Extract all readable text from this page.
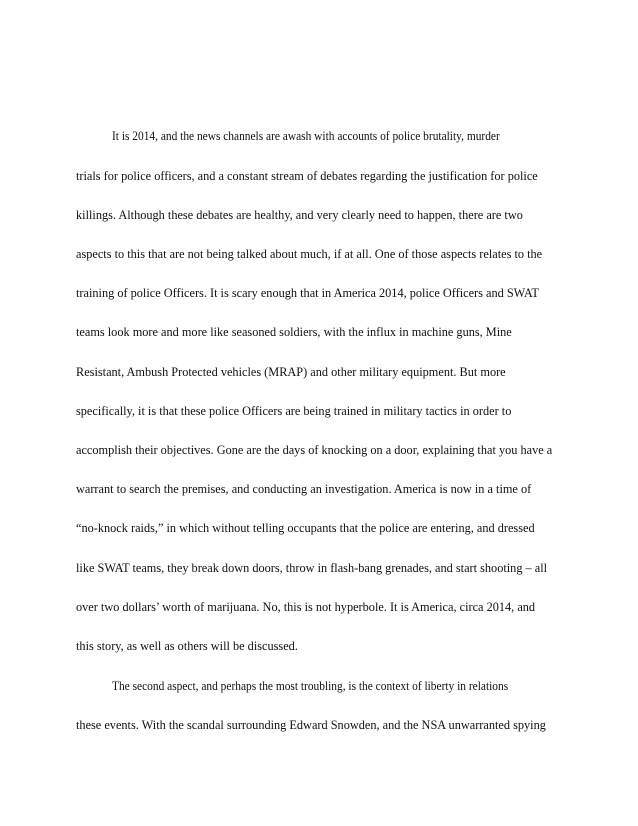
It is 2014, and the news channels are awash with accounts of police brutality, murder
trials for police officers, and a constant stream of debates regarding the justification for police
killings. Although these debates are healthy, and very clearly need to happen, there are two
aspects to this that are not being talked about much, if at all. One of those aspects relates to the
training of police Officers. It is scary enough that in America 2014, police Officers and SWAT
teams look more and more like seasoned soldiers, with the influx in machine guns, Mine
Resistant, Ambush Protected vehicles (MRAP) and other military equipment. But more
specifically, it is that these police Officers are being trained in military tactics in order to
accomplish their objectives. Gone are the days of knocking on a door, explaining that you have a
warrant to search the premises, and conducting an investigation. America is now in a time of
“no-knock raids,” in which without telling occupants that the police are entering, and dressed
like SWAT teams, they break down doors, throw in flash-bang grenades, and start shooting – all
over two dollars’ worth of marijuana. No, this is not hyperbole. It is America, circa 2014, and
this story, as well as others will be discussed.
The second aspect, and perhaps the most troubling, is the context of liberty in relations
these events. With the scandal surrounding Edward Snowden, and the NSA unwarranted spying
